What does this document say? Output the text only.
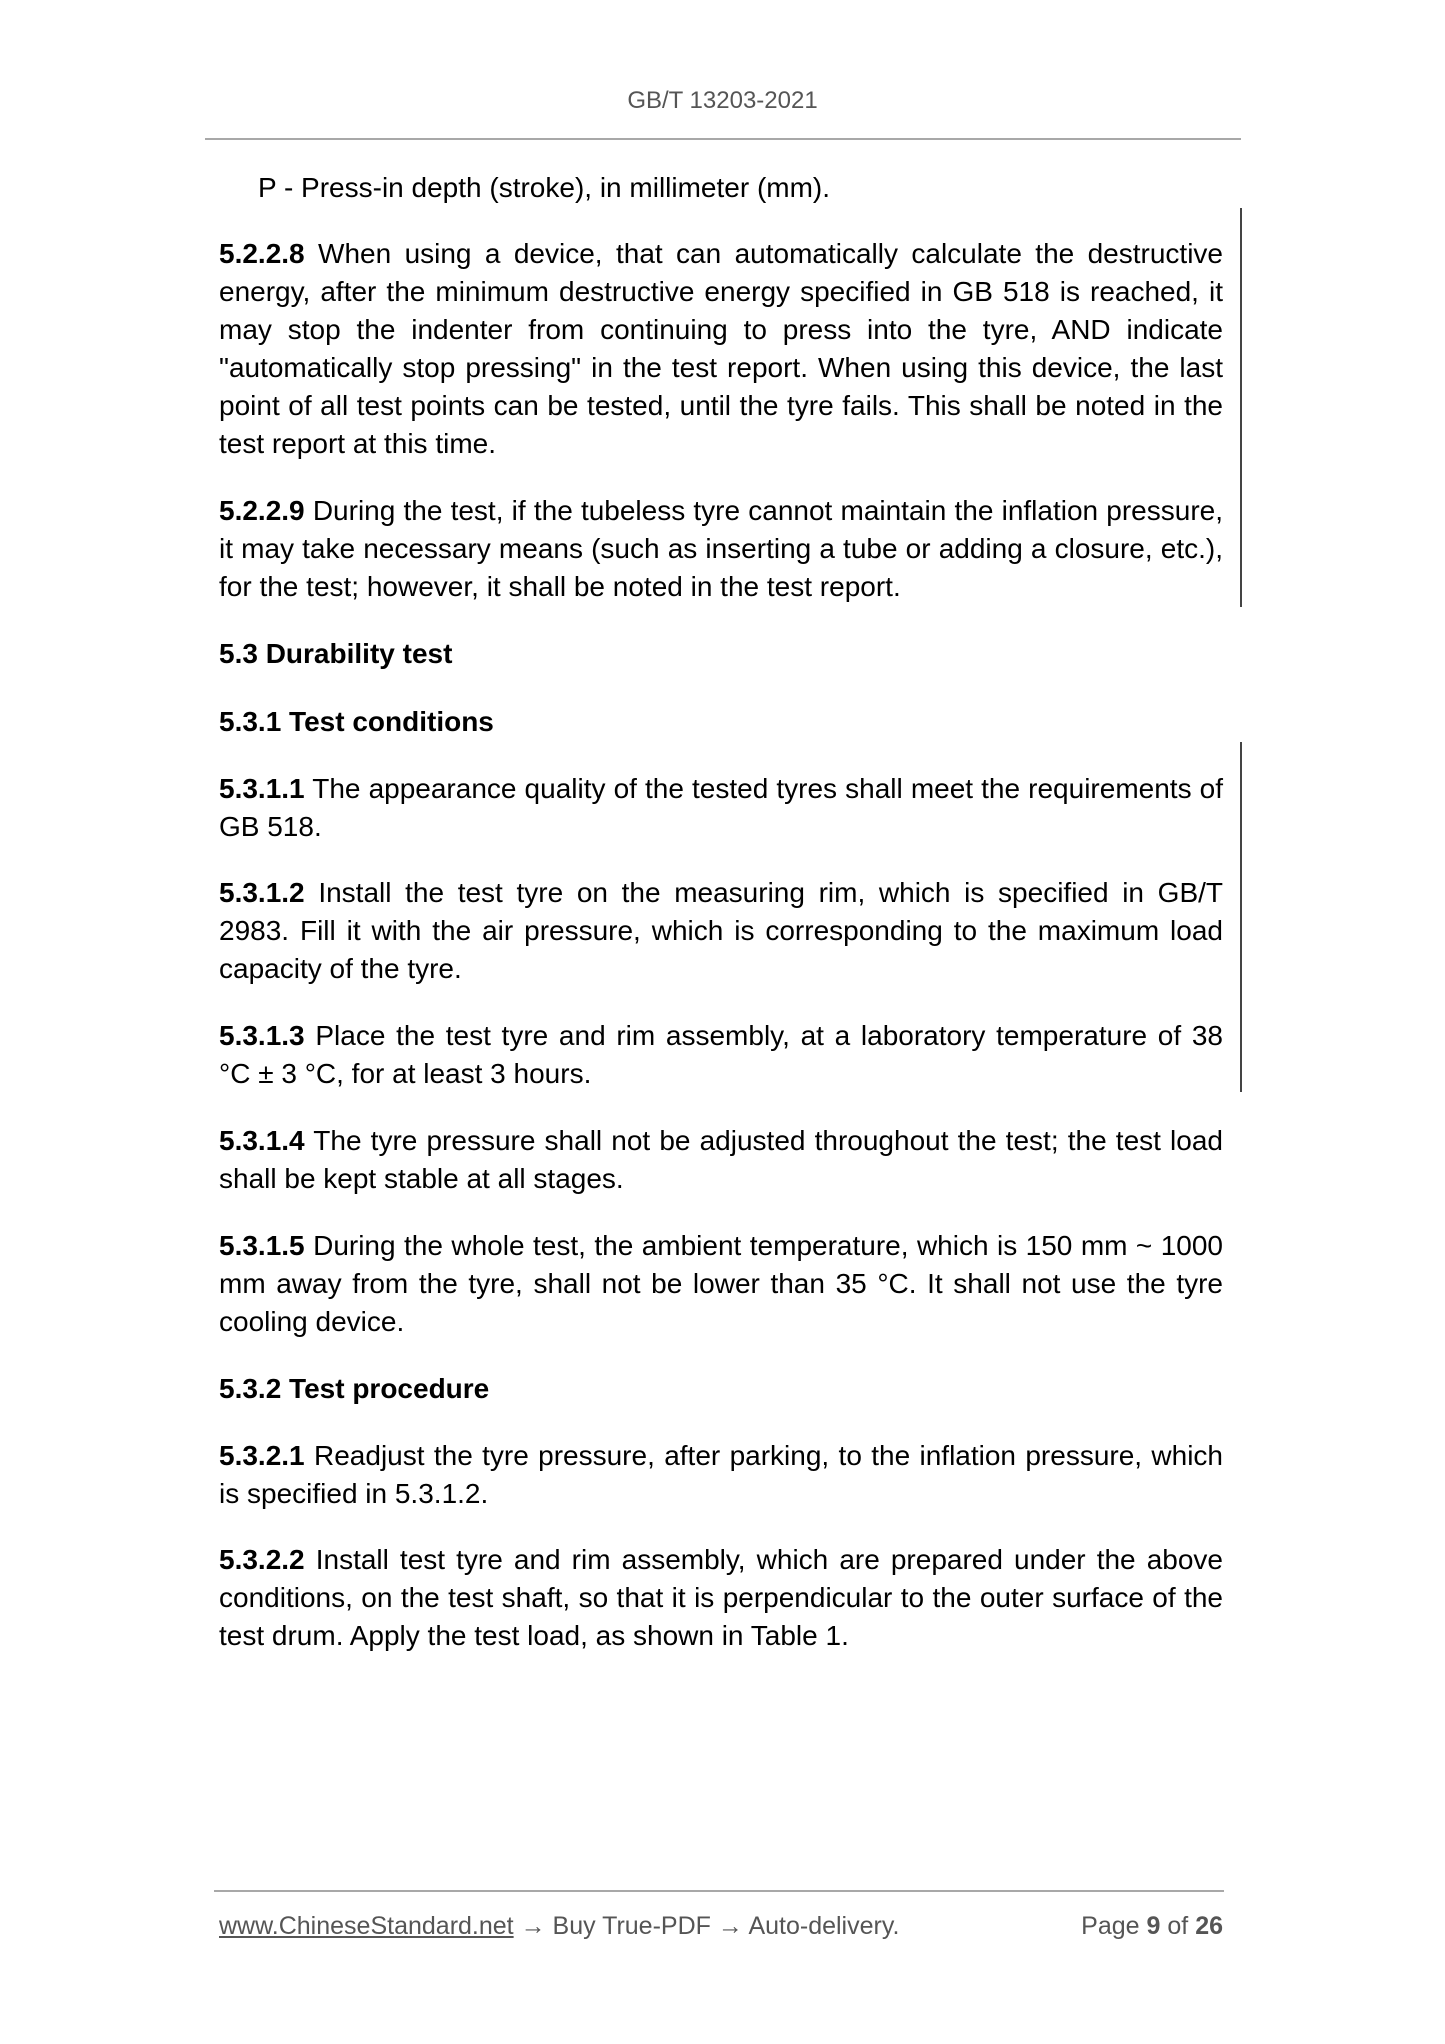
GB/T 13203-2021

P - Press-in depth (stroke), in millimeter (mm).

5.2.2.8 When using a device, that can automatically calculate the destructive energy, after the minimum destructive energy specified in GB 518 is reached, it may stop the indenter from continuing to press into the tyre, AND indicate "automatically stop pressing" in the test report. When using this device, the last point of all test points can be tested, until the tyre fails. This shall be noted in the test report at this time.

5.2.2.9 During the test, if the tubeless tyre cannot maintain the inflation pressure, it may take necessary means (such as inserting a tube or adding a closure, etc.), for the test; however, it shall be noted in the test report.

5.3 Durability test

5.3.1 Test conditions

5.3.1.1 The appearance quality of the tested tyres shall meet the requirements of GB 518.

5.3.1.2 Install the test tyre on the measuring rim, which is specified in GB/T 2983. Fill it with the air pressure, which is corresponding to the maximum load capacity of the tyre.

5.3.1.3 Place the test tyre and rim assembly, at a laboratory temperature of 38 °C ± 3 °C, for at least 3 hours.

5.3.1.4 The tyre pressure shall not be adjusted throughout the test; the test load shall be kept stable at all stages.

5.3.1.5 During the whole test, the ambient temperature, which is 150 mm ~ 1000 mm away from the tyre, shall not be lower than 35 °C. It shall not use the tyre cooling device.

5.3.2 Test procedure

5.3.2.1 Readjust the tyre pressure, after parking, to the inflation pressure, which is specified in 5.3.1.2.

5.3.2.2 Install test tyre and rim assembly, which are prepared under the above conditions, on the test shaft, so that it is perpendicular to the outer surface of the test drum. Apply the test load, as shown in Table 1.

www.ChineseStandard.net → Buy True-PDF → Auto-delivery.	Page 9 of 26
